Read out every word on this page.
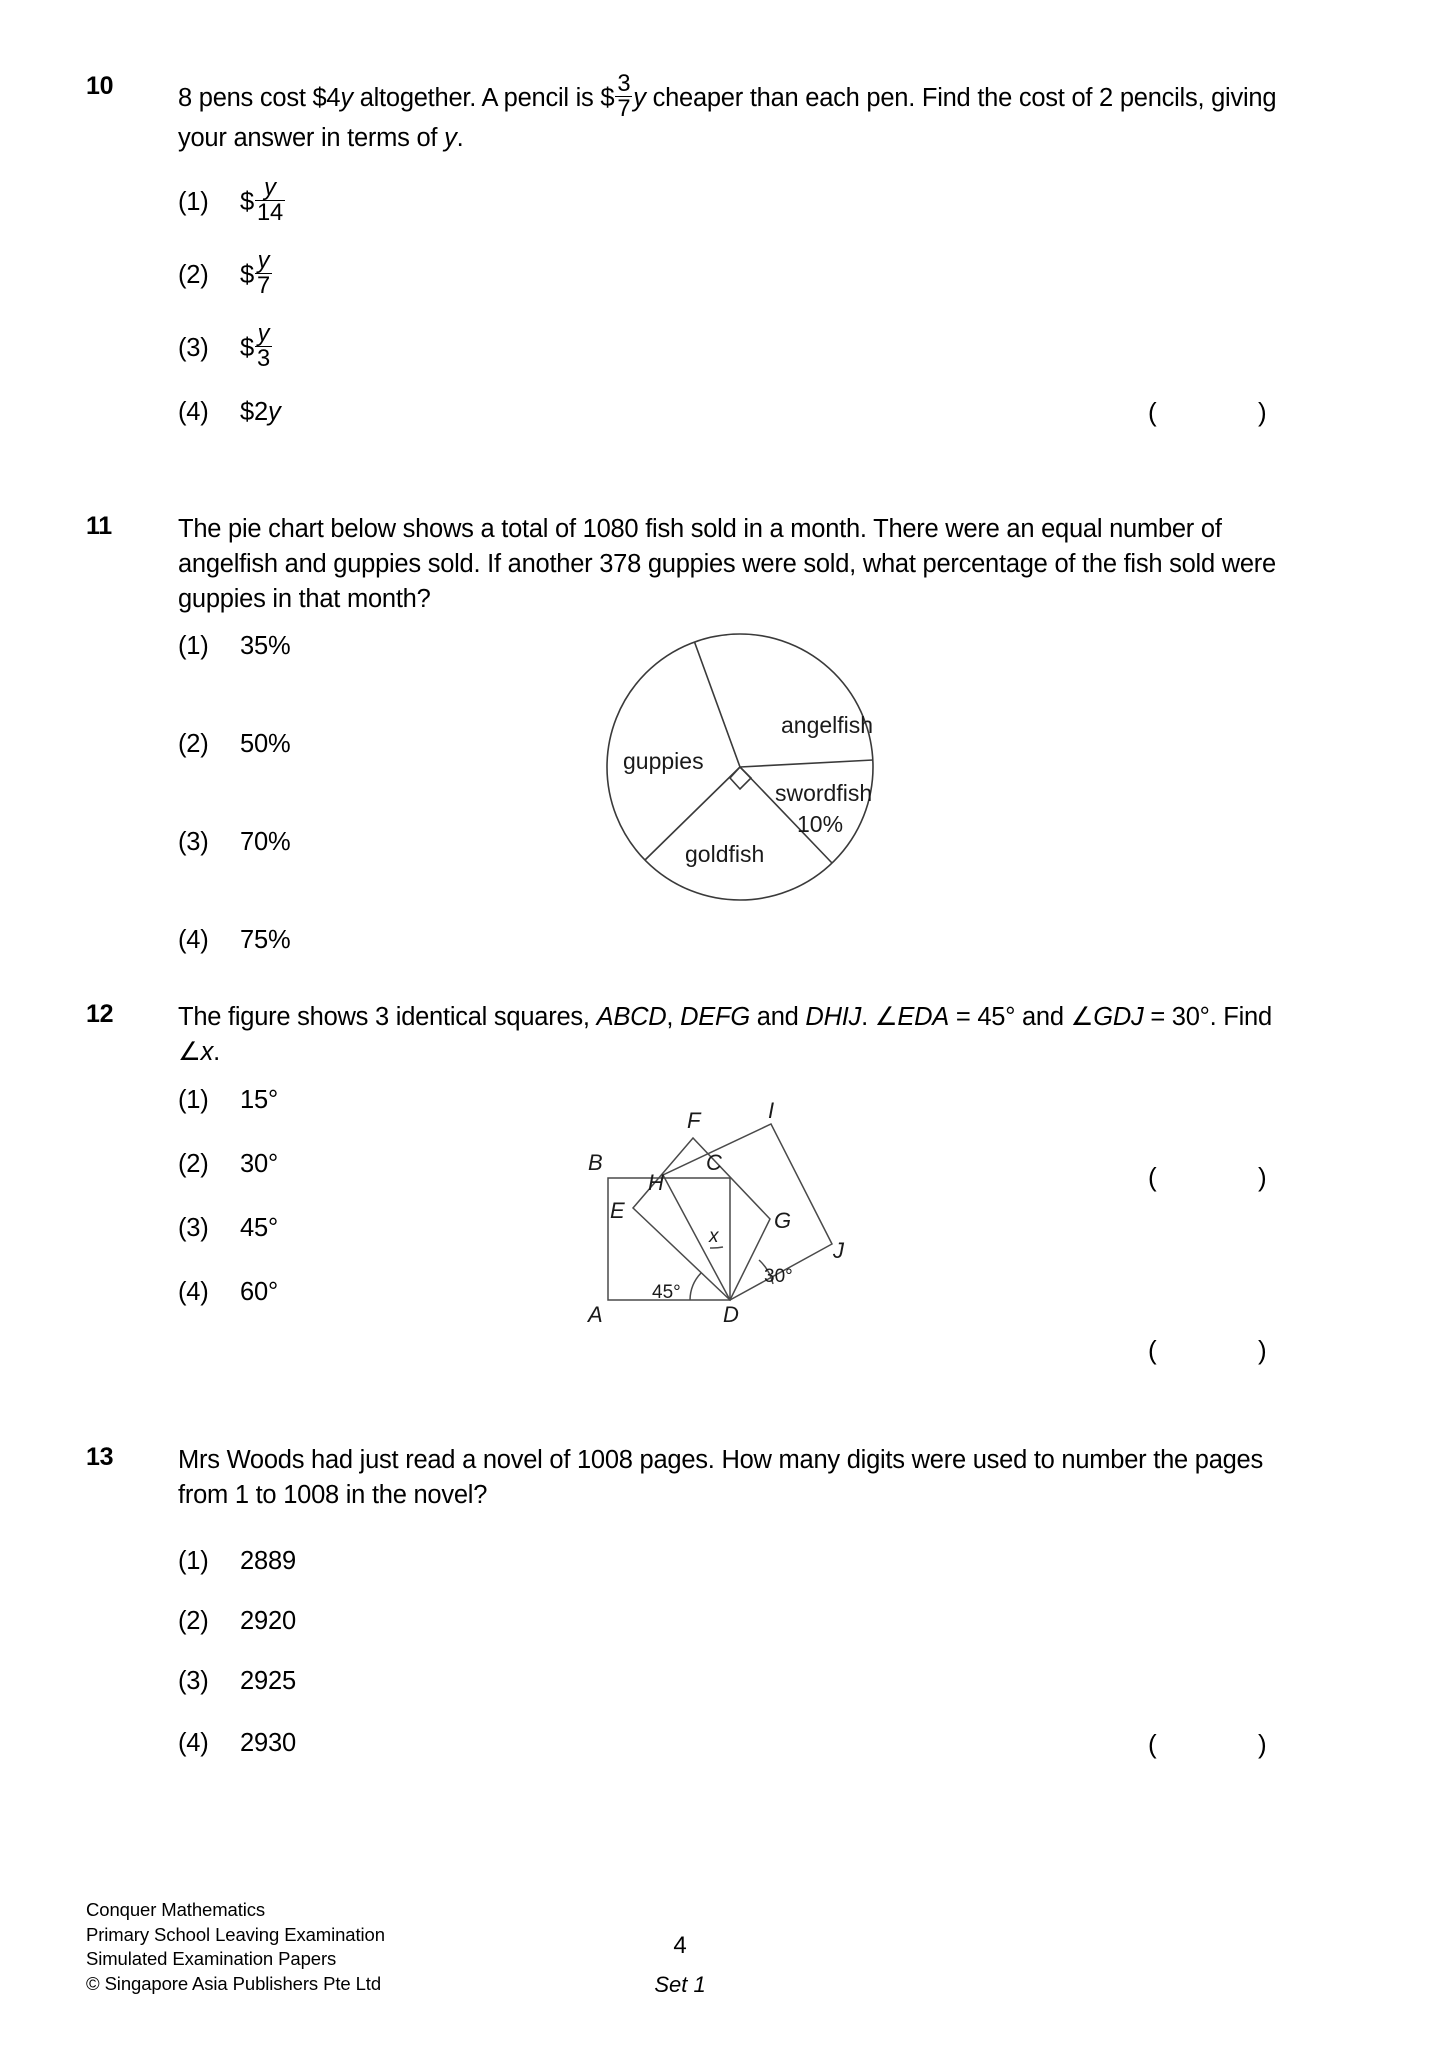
10	8 pens cost $4y altogether. A pencil is $ $\frac{3}{7}$ y cheaper than each pen. Find the cost of 2 pencils, giving your answer in terms of y.
(1) $ $\frac{y}{14}$
(2) $ $\frac{y}{7}$
(3) $ $\frac{y}{3}$
(4) $2y	(	)
11	The pie chart below shows a total of 1080 fish sold in a month. There were an equal number of angelfish and guppies sold. If another 378 guppies were sold, what percentage of the fish sold were guppies in that month?
(1) 35%
(2) 50%
(3) 70%
(4) 75%
angelfish
guppies
goldfish
swordfish
10%
(	)
12	The figure shows 3 identical squares, ABCD, DEFG and DHIJ. ∠EDA = 45° and ∠GDJ = 30°. Find ∠x.
(1) 15°
(2) 30°
(3) 45°
(4) 60°
B
A	D
C
E
F
G
H
I
J
45°
30°
x
(	)
13	Mrs Woods had just read a novel of 1008 pages. How many digits were used to number the pages from 1 to 1008 in the novel?
(1) 2889
(2) 2920
(3) 2925
(4) 2930	(	)
Conquer Mathematics
Primary School Leaving Examination
Simulated Examination Papers
© Singapore Asia Publishers Pte Ltd
4
Set 1
